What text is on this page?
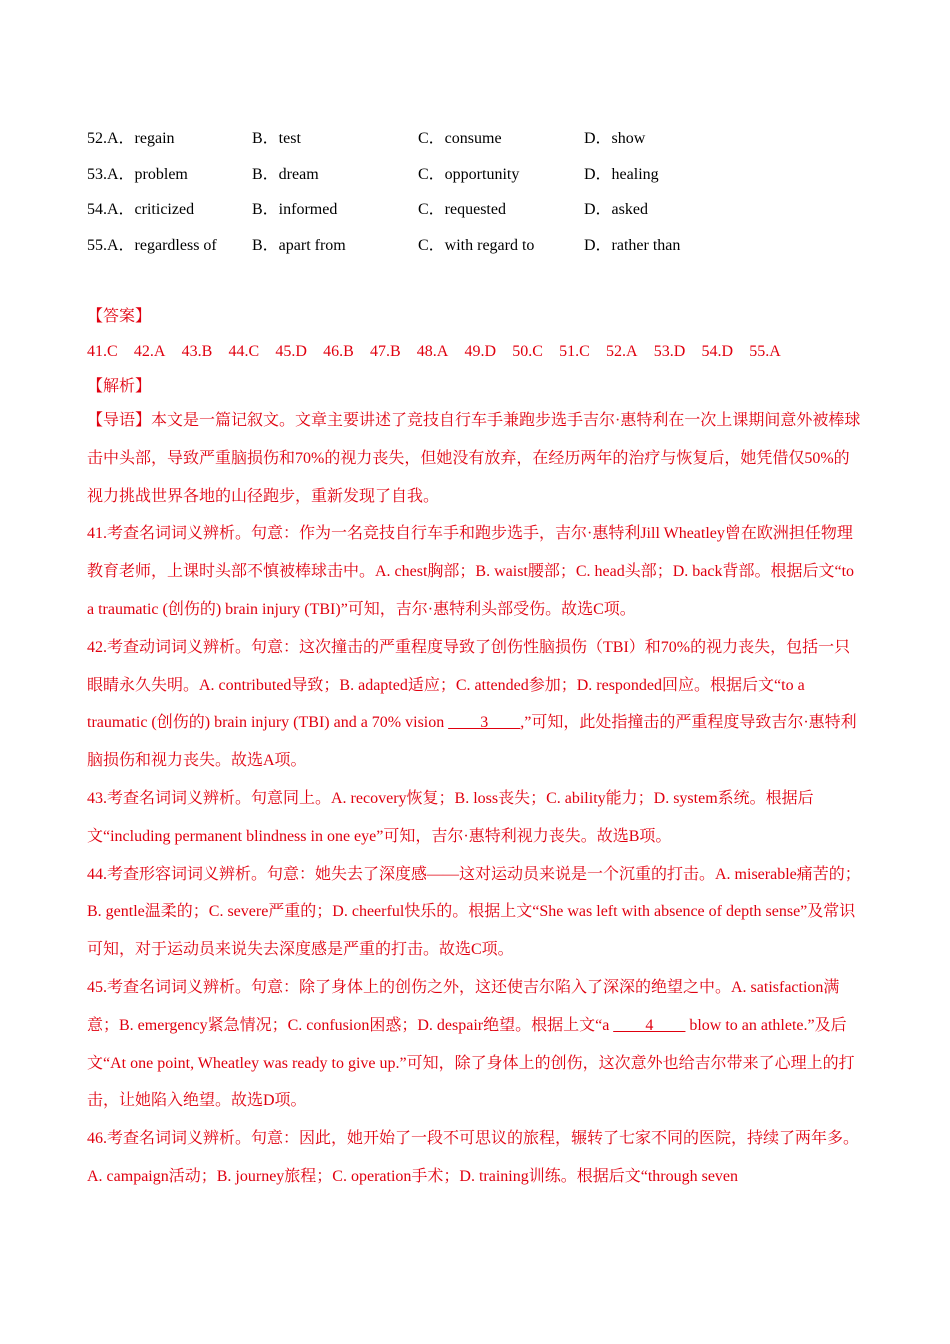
52.A．regain	B．test	C．consume	D．show
53.A．problem	B．dream	C．opportunity	D．healing
54.A．criticized	B．informed	C．requested	D．asked
55.A．regardless of B．apart from	C．with regard to	D．rather than
【答案】
41.C 42.A 43.B 44.C 45.D 46.B 47.B 48.A 49.D 50.C 51.C 52.A 53.D 54.D 55.A
【解析】

【导语】本文是一篇记叙文。文章主要讲述了竞技自行车手兼跑步选手吉尔·惠特利在一次上课期间意外被棒球击中头部，导致严重脑损伤和70%的视力丧失，但她没有放弃，在经历两年的治疗与恢复后，她凭借仅50%的视力挑战世界各地的山径跑步，重新发现了自我。

41.考查名词词义辨析。句意：作为一名竞技自行车手和跑步选手，吉尔·惠特利Jill Wheatley曾在欧洲担任物理教育老师，上课时头部不慎被棒球击中。A. chest胸部；B. waist腰部；C. head头部；D. back背部。根据后文“to a traumatic (创伤的) brain injury (TBI)”可知，吉尔·惠特利头部受伤。故选C项。

42.考查动词词义辨析。句意：这次撞击的严重程度导致了创伤性脑损伤（TBI）和70%的视力丧失，包括一只眼睛永久失明。A. contributed导致；B. adapted适应；C. attended参加；D. responded回应。根据后文“to a traumatic (创伤的) brain injury (TBI) and a 70% vision ____3____,”可知，此处指撞击的严重程度导致吉尔·惠特利脑损伤和视力丧失。故选A项。

43.考查名词词义辨析。句意同上。A. recovery恢复；B. loss丧失；C. ability能力；D. system系统。根据后文“including permanent blindness in one eye”可知，吉尔·惠特利视力丧失。故选B项。

44.考查形容词词义辨析。句意：她失去了深度感——这对运动员来说是一个沉重的打击。A. miserable痛苦的；B. gentle温柔的；C. severe严重的；D. cheerful快乐的。根据上文“She was left with absence of depth sense”及常识可知，对于运动员来说失去深度感是严重的打击。故选C项。

45.考查名词词义辨析。句意：除了身体上的创伤之外，这还使吉尔陷入了深深的绝望之中。A. satisfaction满意；B. emergency紧急情况；C. confusion困惑；D. despair绝望。根据上文“a ____4____ blow to an athlete.”及后文“At one point, Wheatley was ready to give up.”可知，除了身体上的创伤，这次意外也给吉尔带来了心理上的打击，让她陷入绝望。故选D项。

46.考查名词词义辨析。句意：因此，她开始了一段不可思议的旅程，辗转了七家不同的医院，持续了两年多。A. campaign活动；B. journey旅程；C. operation手术；D. training训练。根据后文“through seven
